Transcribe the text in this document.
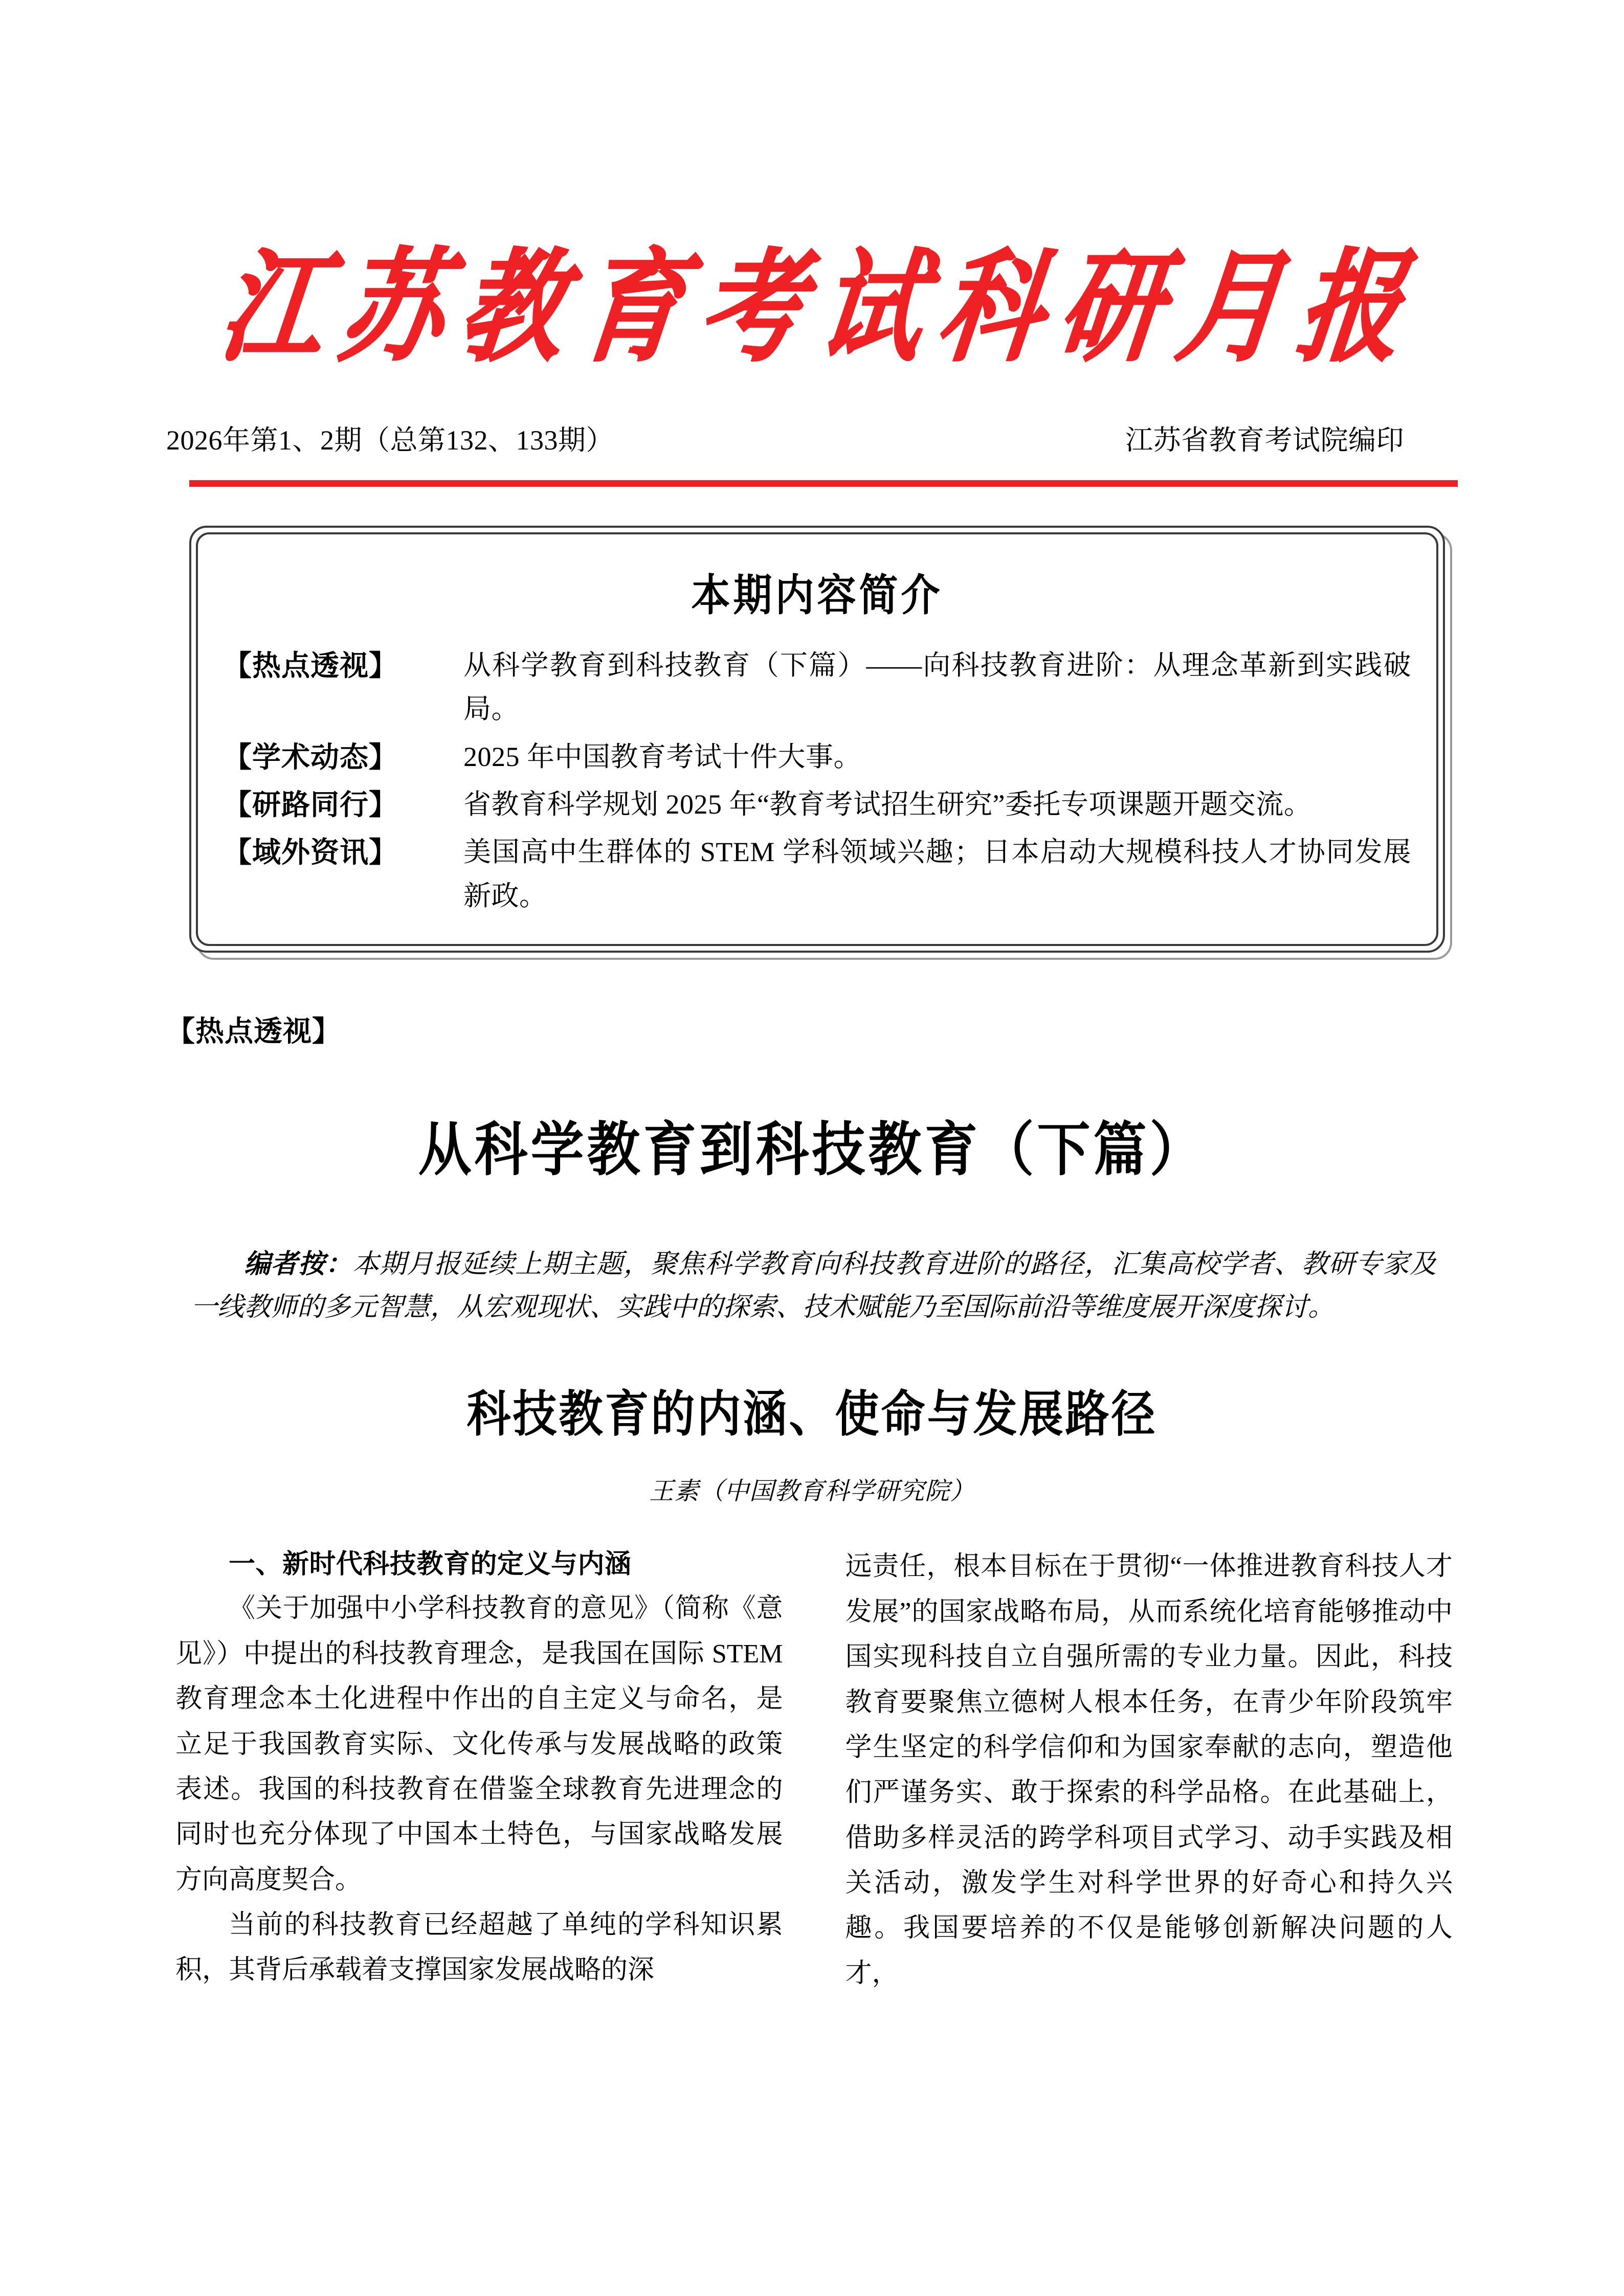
江苏教育考试科研月报
2026年第1、2期（总第132、133期）	江苏省教育考试院编印
本期内容简介
【热点透视】	从科学教育到科技教育（下篇）——向科技教育进阶：从理念革新到实践破局。
【学术动态】	2025 年中国教育考试十件大事。
【研路同行】	省教育科学规划 2025 年“教育考试招生研究”委托专项课题开题交流。
【域外资讯】	美国高中生群体的 STEM 学科领域兴趣；日本启动大规模科技人才协同发展新政。
【热点透视】
从科学教育到科技教育（下篇）
编者按：本期月报延续上期主题，聚焦科学教育向科技教育进阶的路径，汇集高校学者、教研专家及一线教师的多元智慧，从宏观现状、实践中的探索、技术赋能乃至国际前沿等维度展开深度探讨。
科技教育的内涵、使命与发展路径
王素（中国教育科学研究院）
一、新时代科技教育的定义与内涵

《关于加强中小学科技教育的意见》（简称《意见》）中提出的科技教育理念，是我国在国际 STEM 教育理念本土化进程中作出的自主定义与命名，是立足于我国教育实际、文化传承与发展战略的政策表述。我国的科技教育在借鉴全球教育先进理念的同时也充分体现了中国本土特色，与国家战略发展方向高度契合。

当前的科技教育已经超越了单纯的学科知识累积，其背后承载着支撑国家发展战略的深

远责任，根本目标在于贯彻“一体推进教育科技人才发展”的国家战略布局，从而系统化培育能够推动中国实现科技自立自强所需的专业力量。因此，科技教育要聚焦立德树人根本任务，在青少年阶段筑牢学生坚定的科学信仰和为国家奉献的志向，塑造他们严谨务实、敢于探索的科学品格。在此基础上，借助多样灵活的跨学科项目式学习、动手实践及相关活动，激发学生对科学世界的好奇心和持久兴趣。我国要培养的不仅是能够创新解决问题的人才，
